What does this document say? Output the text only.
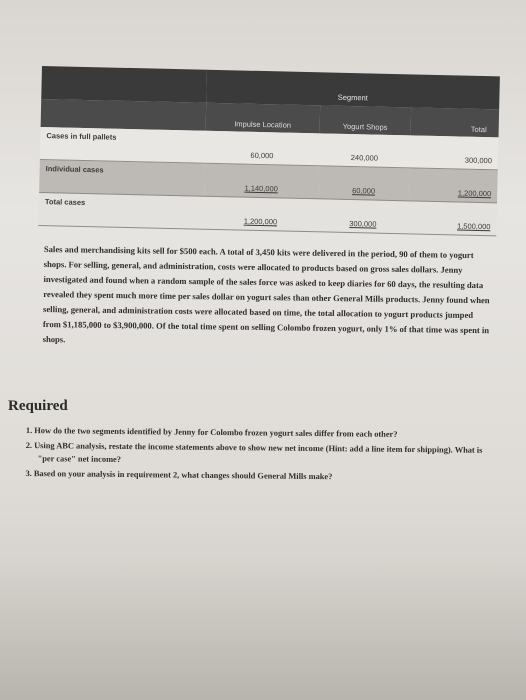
	Segment		
	Impulse Location	Yogurt Shops	Total
Cases in full pallets	60,000	240,000	300,000
Individual cases	1,140,000	60,000	1,200,000
Total cases	1,200,000	300,000	1,500,000

Sales and merchandising kits sell for $500 each. A total of 3,450 kits were delivered in the period, 90 of them to yogurt shops. For selling, general, and administration, costs were allocated to products based on gross sales dollars. Jenny investigated and found when a random sample of the sales force was asked to keep diaries for 60 days, the resulting data revealed they spent much more time per sales dollar on yogurt sales than other General Mills products. Jenny found when selling, general, and administration costs were allocated based on time, the total allocation to yogurt products jumped from $1,185,000 to $3,900,000. Of the total time spent on selling Colombo frozen yogurt, only 1% of that time was spent in shops.

Required
1. How do the two segments identified by Jenny for Colombo frozen yogurt sales differ from each other?
2. Using ABC analysis, restate the income statements above to show new net income (Hint: add a line item for shipping). What is "per case" net income?
3. Based on your analysis in requirement 2, what changes should General Mills make?
